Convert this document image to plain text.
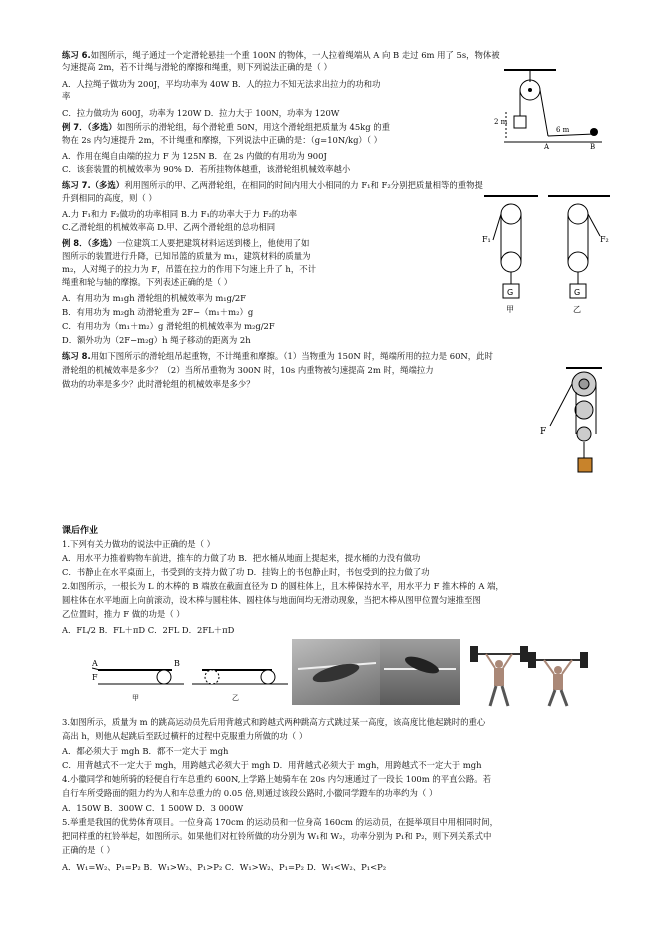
练习 6.如图所示，绳子通过一个定滑轮悬挂一个重 100N 的物体，一人拉着绳端从 A 向 B 走过 6m 用了 5s，物体被
匀速提高 2m，若不计绳与滑轮的摩擦和绳重，则下列说法正确的是（ ）
A．人拉绳子做功为 200J，平均功率为 40W B．人的拉力不知无法求出拉力的功和功
率
C．拉力做功为 600J，功率为 120W D．拉力大于 100N，功率为 120W
例 7．（多选）如图所示的滑轮组，每个滑轮重 50N，用这个滑轮组把质量为 45kg 的重
物在 2s 内匀速提升 2m，不计绳重和摩擦，下列说法中正确的是：（g=10N/kg）（ ）
A．作用在绳自由端的拉力 F 为 125N B．在 2s 内做的有用功为 900J
C．该套装置的机械效率为 90% D．若所挂物体越重，该滑轮组机械效率越小
练习 7.（多选）利用图所示的甲、乙两滑轮组，在相同的时间内用大小相同的力 F₁和 F₂分别把质量相等的重物提
升到相同的高度，则（ ）
A.力 F₁和力 F₂做功的功率相同 B.力 F₁的功率大于力 F₂的功率
C.乙滑轮组的机械效率高 D.甲、乙两个滑轮组的总功相同
例 8．（多选）一位建筑工人要把建筑材料运送到楼上，他使用了如
图所示的装置进行升降，已知吊篮的质量为 m₁，建筑材料的质量为
m₂，人对绳子的拉力为 F，吊篮在拉力的作用下匀速上升了 h，不计
绳重和轮与轴的摩擦。下列表述正确的是（ ）
A．有用功为 m₁gh 滑轮组的机械效率为 m₁g/2F
B．有用功为 m₂gh 动滑轮重为 2F−（m₁＋m₂）g
C．有用功为（m₁＋m₂）g 滑轮组的机械效率为 m₂g/2F
D．额外功为（2F−m₂g）h 绳子移动的距离为 2h
练习 8.用如下图所示的滑轮组吊起重物，不计绳重和摩擦。（1）当物重为 150N 时，绳端所用的拉力是 60N，此时
滑轮组的机械效率是多少？（2）当所吊重物为 300N 时，10s 内重物被匀速提高 2m 时，绳端拉力
做功的功率是多少？此时滑轮组的机械效率是多少？
课后作业
1.下列有关力做功的说法中正确的是（ ）
A．用水平力推着购物车前进，推车的力做了功 B．把水桶从地面上提起来，提水桶的力没有做功
C．书静止在水平桌面上，书受到的支持力做了功 D．挂钩上的书包静止时，书包受到的拉力做了功
2.如图所示，一根长为 L 的木棒的 B 端放在截面直径为 D 的圆柱体上，且木棒保持水平，用水平力 F 推木棒的 A 端，
圆柱体在水平地面上向前滚动，设木棒与圆柱体、圆柱体与地面间均无滑动现象，当把木棒从图甲位置匀速推至图
乙位置时，推力 F 做的功是（ ）
A．FL/2 B．FL＋πD C．2FL D．2FL＋πD
3.如图所示，质量为 m 的跳高运动员先后用背越式和跨越式两种跳高方式跳过某一高度，该高度比他起跳时的重心
高出 h，则他从起跳后至跃过横杆的过程中克服重力所做的功（ ）
A．都必须大于 mgh B．都不一定大于 mgh
C．用背越式不一定大于 mgh，用跨越式必须大于 mgh D．用背越式必须大于 mgh，用跨越式不一定大于 mgh
4.小徽同学和她所骑的轻便自行车总重约 600N,上学路上她骑车在 20s 内匀速通过了一段长 100m 的平直公路。若
自行车所受路面的阻力约为人和车总重力的 0.05 倍,则通过该段公路时,小徽同学蹬车的功率约为（ ）
A．150W B．300W C．1 500W D．3 000W
5.举重是我国的优势体育项目。一位身高 170cm 的运动员和一位身高 160cm 的运动员，在挺举项目中用相同时间，
把同样重的杠铃举起，如图所示。如果他们对杠铃所做的功分别为 W₁和 W₂，功率分别为 P₁和 P₂，则下列关系式中
正确的是（ ）
A．W₁=W₂、P₁=P₂ B．W₁>W₂、P₁>P₂ C．W₁>W₂、P₁=P₂ D．W₁<W₂、P₁<P₂
2 m
6 m
A	B
G
F₁
甲
G
F₂
乙
F
A	B
F
甲	乙
